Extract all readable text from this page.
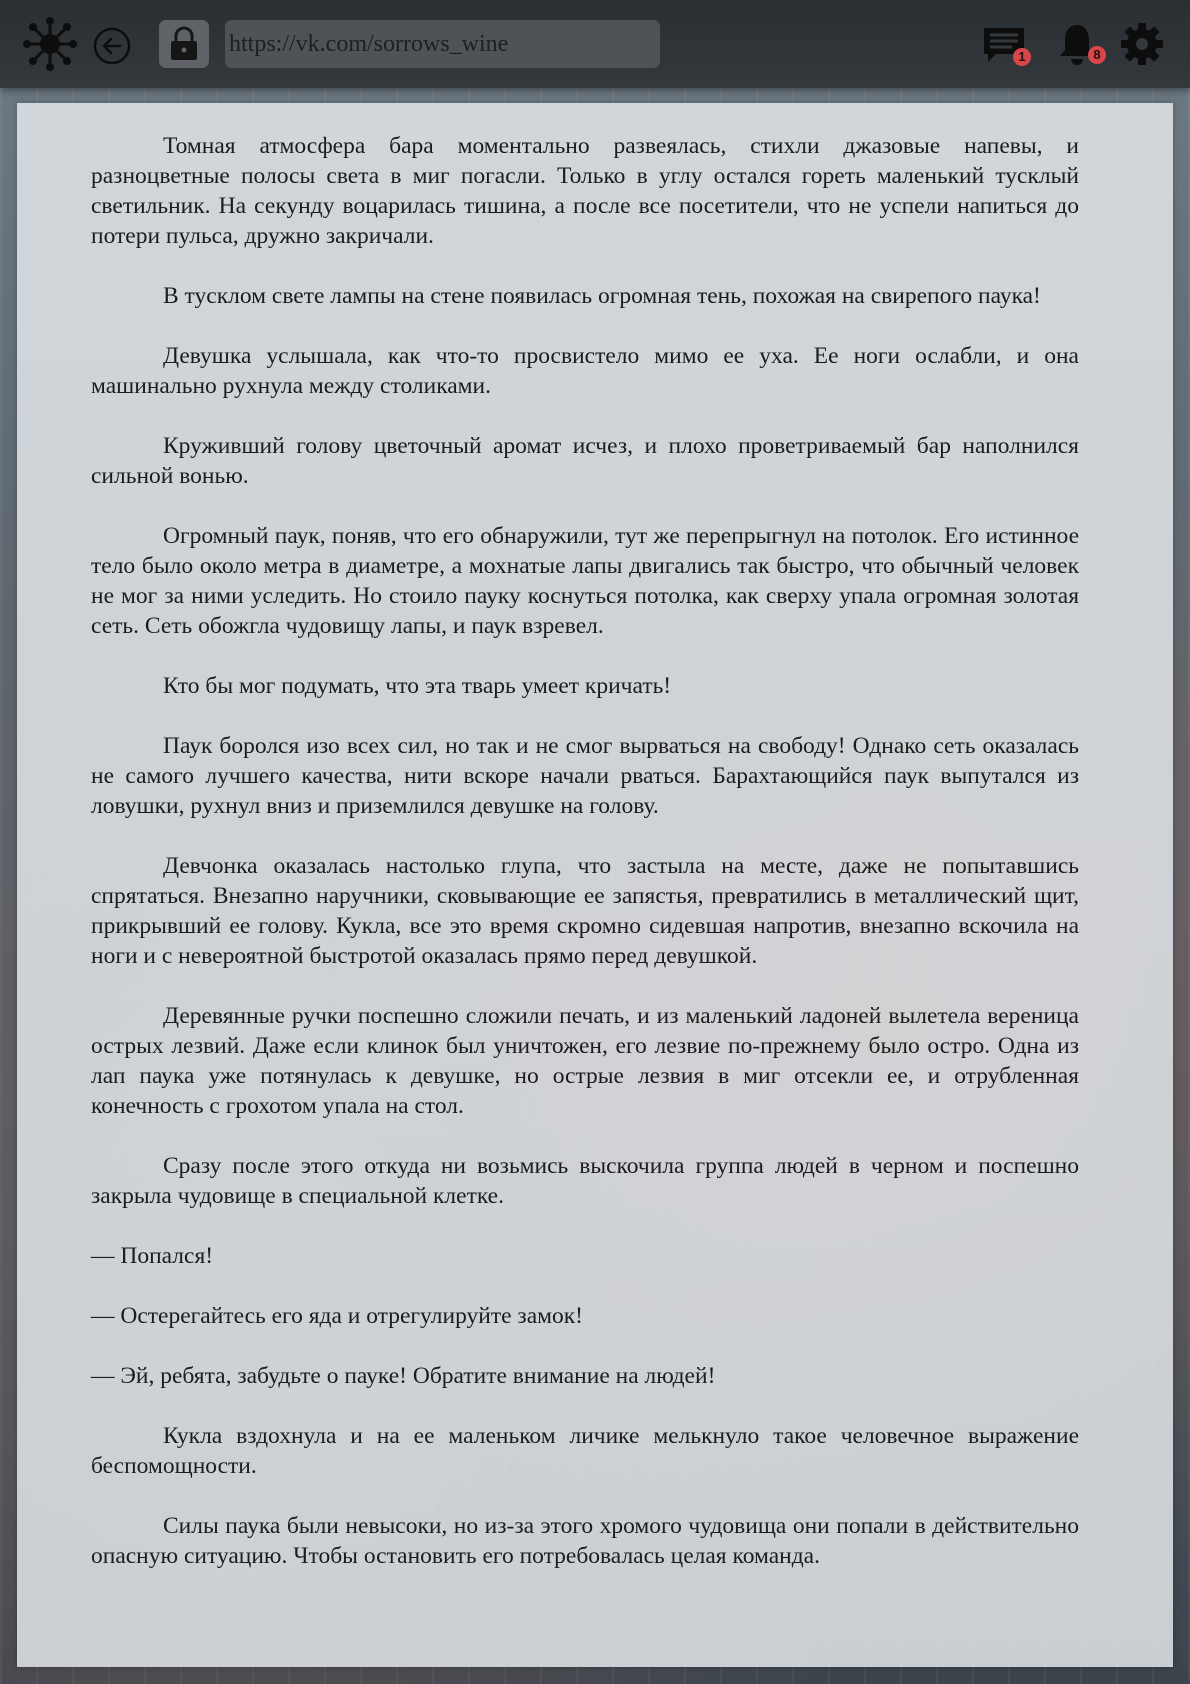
https://vk.com/sorrows_wine	1	8

Томная атмосфера бара моментально развеялась, стихли джазовые напевы, и разноцветные полосы света в миг погасли. Только в углу остался гореть маленький тусклый светильник. На секунду воцарилась тишина, а после все посетители, что не успели напиться до потери пульса, дружно закричали.

В тусклом свете лампы на стене появилась огромная тень, похожая на свирепого паука!

Девушка услышала, как что-то просвистело мимо ее уха. Ее ноги ослабли, и она машинально рухнула между столиками.

Круживший голову цветочный аромат исчез, и плохо проветриваемый бар наполнился сильной вонью.

Огромный паук, поняв, что его обнаружили, тут же перепрыгнул на потолок. Его истинное тело было около метра в диаметре, а мохнатые лапы двигались так быстро, что обычный человек не мог за ними уследить. Но стоило пауку коснуться потолка, как сверху упала огромная золотая сеть. Сеть обожгла чудовищу лапы, и паук взревел.

Кто бы мог подумать, что эта тварь умеет кричать!

Паук боролся изо всех сил, но так и не смог вырваться на свободу! Однако сеть оказалась не самого лучшего качества, нити вскоре начали рваться. Барахтающийся паук выпутался из ловушки, рухнул вниз и приземлился девушке на голову.

Девчонка оказалась настолько глупа, что застыла на месте, даже не попытавшись спрятаться. Внезапно наручники, сковывающие ее запястья, превратились в металлический щит, прикрывший ее голову. Кукла, все это время скромно сидевшая напротив, внезапно вскочила на ноги и с невероятной быстротой оказалась прямо перед девушкой.

Деревянные ручки поспешно сложили печать, и из маленький ладоней вылетела вереница острых лезвий. Даже если клинок был уничтожен, его лезвие по-прежнему было остро. Одна из лап паука уже потянулась к девушке, но острые лезвия в миг отсекли ее, и отрубленная конечность с грохотом упала на стол.

Сразу после этого откуда ни возьмись выскочила группа людей в черном и поспешно закрыла чудовище в специальной клетке.

— Попался!

— Остерегайтесь его яда и отрегулируйте замок!

— Эй, ребята, забудьте о пауке! Обратите внимание на людей!

Кукла вздохнула и на ее маленьком личике мелькнуло такое человечное выражение беспомощности.

Силы паука были невысоки, но из-за этого хромого чудовища они попали в действительно опасную ситуацию. Чтобы остановить его потребовалась целая команда.
